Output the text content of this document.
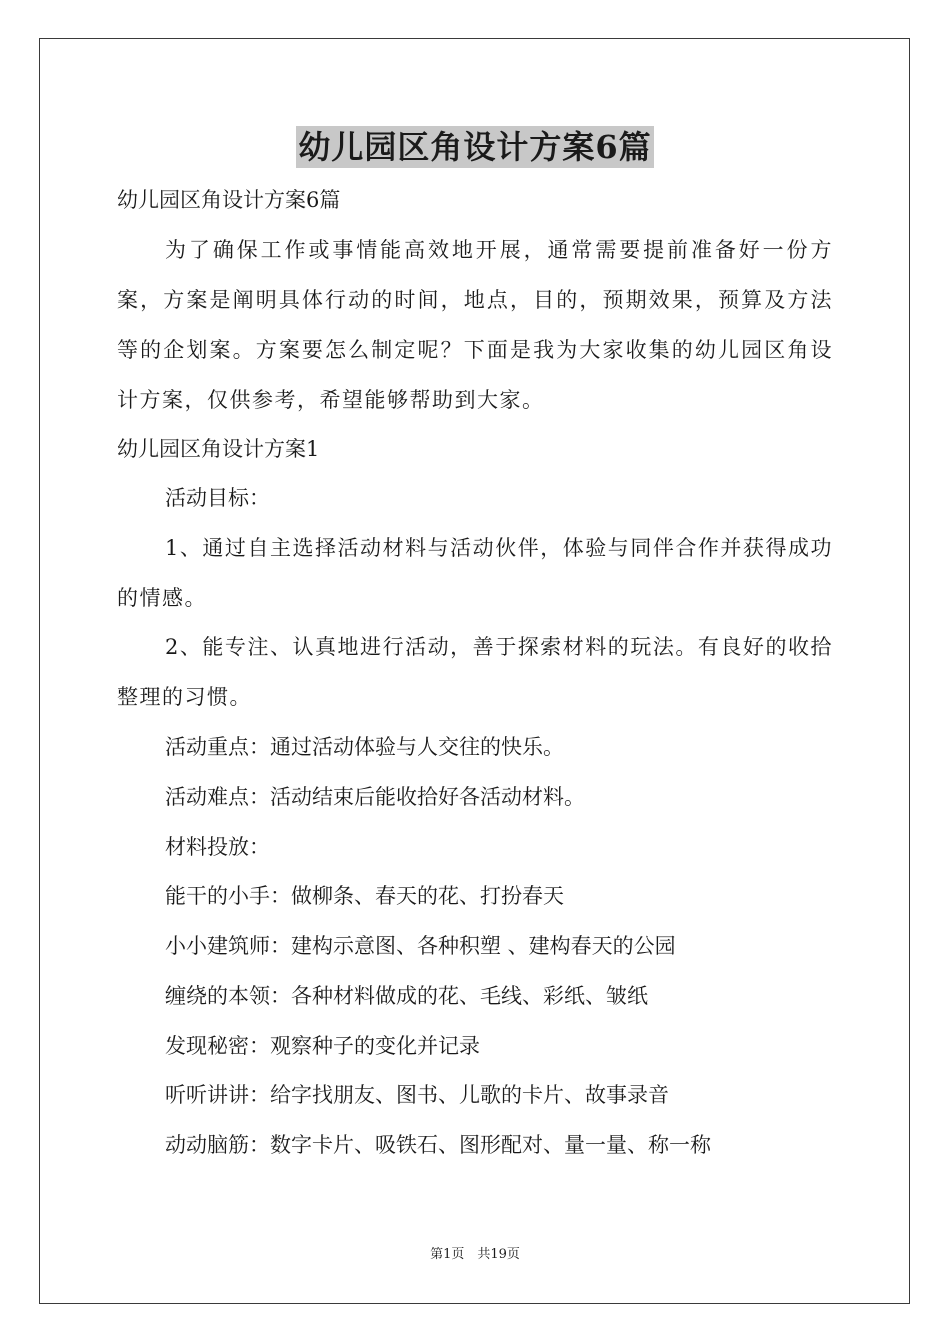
幼儿园区角设计方案6篇
幼儿园区角设计方案6篇
为了确保工作或事情能高效地开展，通常需要提前准备好一份方案，方案是阐明具体行动的时间，地点，目的，预期效果，预算及方法等的企划案。方案要怎么制定呢？下面是我为大家收集的幼儿园区角设计方案，仅供参考，希望能够帮助到大家。
幼儿园区角设计方案1
活动目标：
1、通过自主选择活动材料与活动伙伴，体验与同伴合作并获得成功的情感。
2、能专注、认真地进行活动，善于探索材料的玩法。有良好的收拾整理的习惯。
活动重点：通过活动体验与人交往的快乐。
活动难点：活动结束后能收拾好各活动材料。
材料投放：
能干的小手：做柳条、春天的花、打扮春天
小小建筑师：建构示意图、各种积塑 、建构春天的公园
缠绕的本领：各种材料做成的花、毛线、彩纸、皱纸
发现秘密：观察种子的变化并记录
听听讲讲：给字找朋友、图书、儿歌的卡片、故事录音
动动脑筋：数字卡片、吸铁石、图形配对、量一量、称一称
第1页　共19页
